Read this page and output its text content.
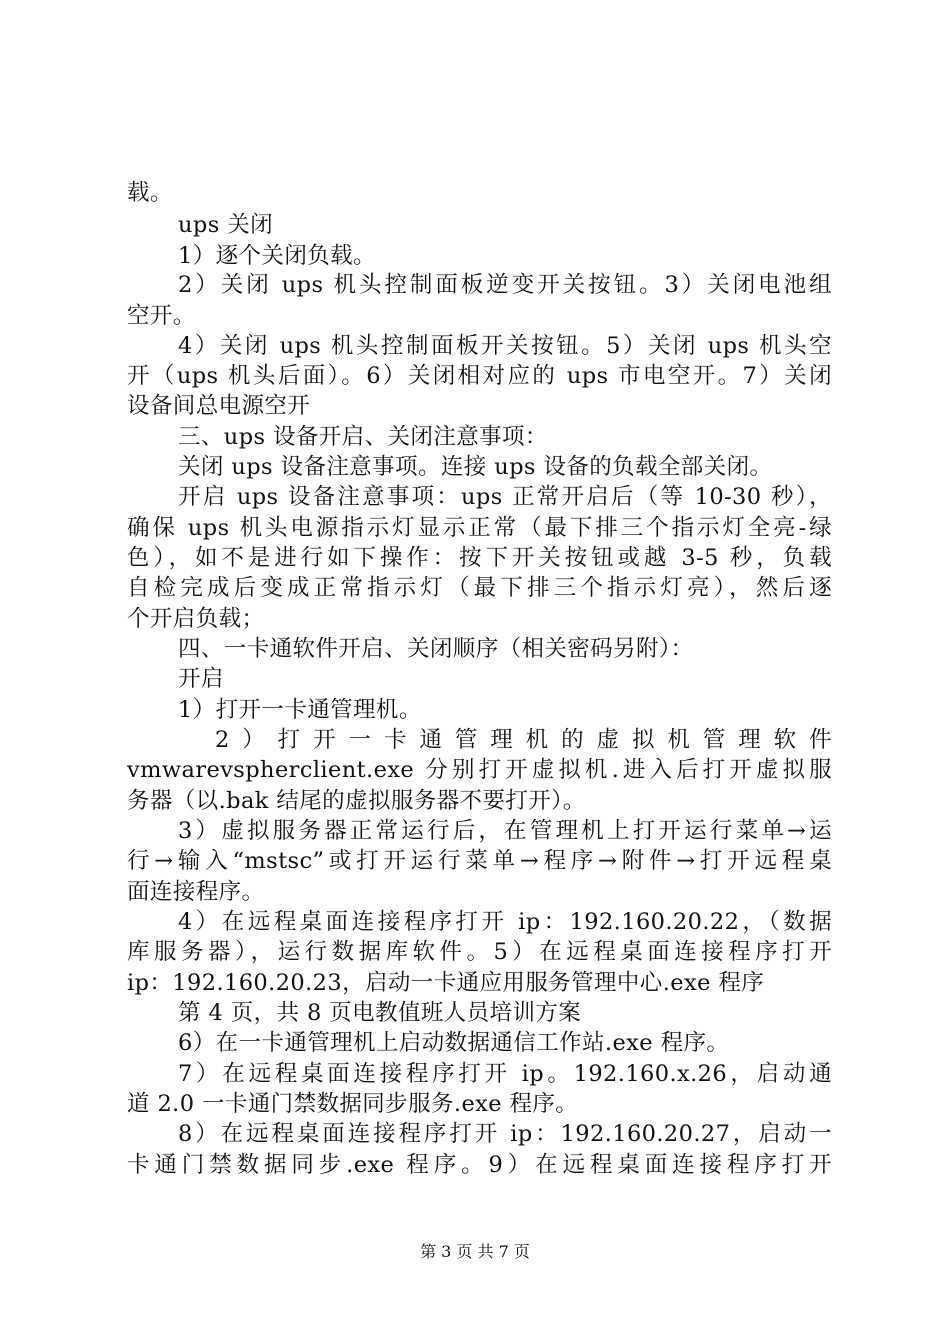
载。
ups 关闭
1）逐个关闭负载。
2）关闭 ups 机头控制面板逆变开关按钮。3）关闭电池组
空开。
4）关闭 ups 机头控制面板开关按钮。5）关闭 ups 机头空
开（ups 机头后面）。6）关闭相对应的 ups 市电空开。7）关闭
设备间总电源空开
三、ups 设备开启、关闭注意事项：
关闭 ups 设备注意事项。连接 ups 设备的负载全部关闭。
开启 ups 设备注意事项：ups 正常开启后（等 10-30 秒），
确保 ups 机头电源指示灯显示正常（最下排三个指示灯全亮-绿
色），如不是进行如下操作：按下开关按钮或越 3-5 秒，负载
自检完成后变成正常指示灯（最下排三个指示灯亮），然后逐
个开启负载；
四、一卡通软件开启、关闭顺序（相关密码另附）：
开启
1）打开一卡通管理机。
2）打开一卡通管理机的虚拟机管理软件
vmwarevspherclient.exe 分别打开虚拟机.进入后打开虚拟服
务器（以.bak 结尾的虚拟服务器不要打开）。
3）虚拟服务器正常运行后，在管理机上打开运行菜单→运
行→输入“mstsc”或打开运行菜单→程序→附件→打开远程桌
面连接程序。
4）在远程桌面连接程序打开 ip：192.160.20.22，（数据
库服务器），运行数据库软件。5）在远程桌面连接程序打开
ip：192.160.20.23，启动一卡通应用服务管理中心.exe 程序
第 4 页，共 8 页电教值班人员培训方案
6）在一卡通管理机上启动数据通信工作站.exe 程序。
7）在远程桌面连接程序打开 ip。192.160.x.26，启动通
道 2.0 一卡通门禁数据同步服务.exe 程序。
8）在远程桌面连接程序打开 ip：192.160.20.27，启动一
卡通门禁数据同步.exe 程序。9）在远程桌面连接程序打开
第 3 页 共 7 页
